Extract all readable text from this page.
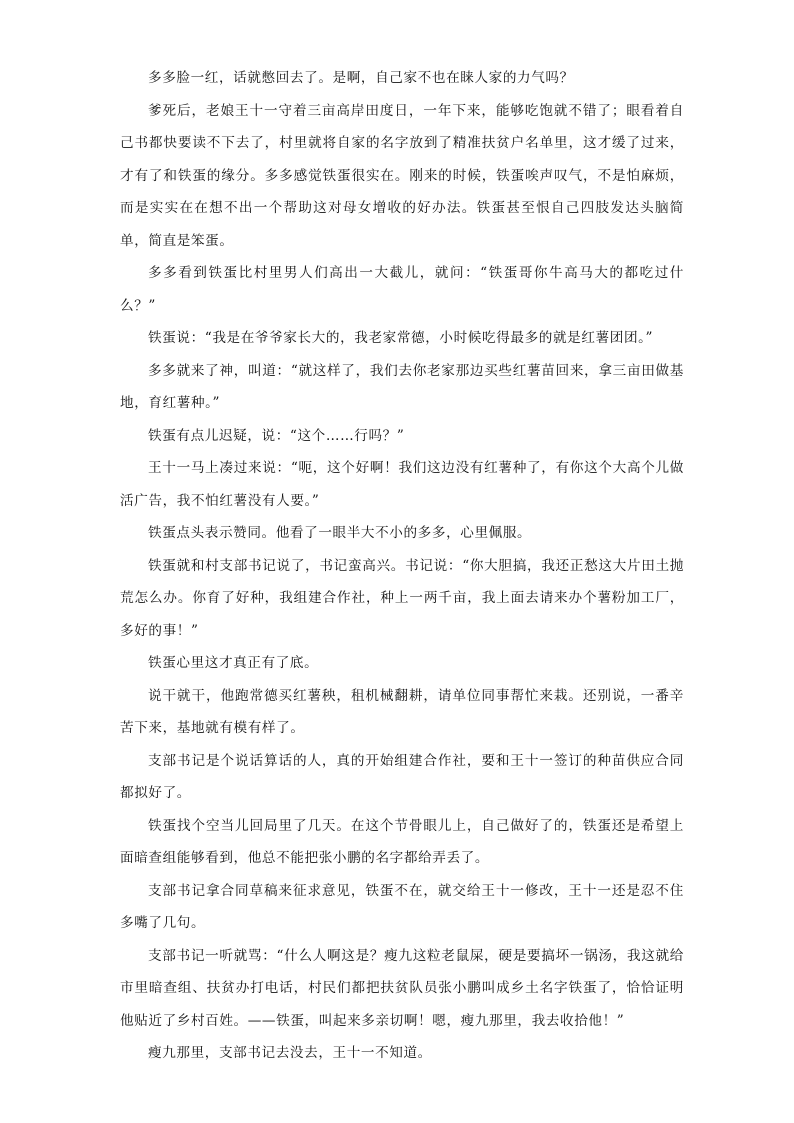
多多脸一红，话就憋回去了。是啊，自己家不也在睐人家的力气吗？

爹死后，老娘王十一守着三亩高岸田度日，一年下来，能够吃饱就不错了；眼看着自己书都快要读不下去了，村里就将自家的名字放到了精准扶贫户名单里，这才缓了过来，才有了和铁蛋的缘分。多多感觉铁蛋很实在。刚来的时候，铁蛋唉声叹气，不是怕麻烦，而是实实在在想不出一个帮助这对母女增收的好办法。铁蛋甚至恨自己四肢发达头脑简单，简直是笨蛋。

多多看到铁蛋比村里男人们高出一大截儿，就问：“铁蛋哥你牛高马大的都吃过什么？”

铁蛋说：“我是在爷爷家长大的，我老家常德，小时候吃得最多的就是红薯团团。”

多多就来了神，叫道：“就这样了，我们去你老家那边买些红薯苗回来，拿三亩田做基地，育红薯种。”

铁蛋有点儿迟疑，说：“这个……行吗？”

王十一马上凑过来说：“呃，这个好啊！我们这边没有红薯种了，有你这个大高个儿做活广告，我不怕红薯没有人要。”

铁蛋点头表示赞同。他看了一眼半大不小的多多，心里佩服。

铁蛋就和村支部书记说了，书记蛮高兴。书记说：“你大胆搞，我还正愁这大片田土抛荒怎么办。你育了好种，我组建合作社，种上一两千亩，我上面去请来办个薯粉加工厂，多好的事！”

铁蛋心里这才真正有了底。

说干就干，他跑常德买红薯秧，租机械翻耕，请单位同事帮忙来栽。还别说，一番辛苦下来，基地就有模有样了。

支部书记是个说话算话的人，真的开始组建合作社，要和王十一签订的种苗供应合同都拟好了。

铁蛋找个空当儿回局里了几天。在这个节骨眼儿上，自己做好了的，铁蛋还是希望上面暗查组能够看到，他总不能把张小鹏的名字都给弄丢了。

支部书记拿合同草稿来征求意见，铁蛋不在，就交给王十一修改，王十一还是忍不住多嘴了几句。

支部书记一听就骂：“什么人啊这是？瘦九这粒老鼠屎，硬是要搞坏一锅汤，我这就给市里暗查组、扶贫办打电话，村民们都把扶贫队员张小鹏叫成乡土名字铁蛋了，恰恰证明他贴近了乡村百姓。——铁蛋，叫起来多亲切啊！嗯，瘦九那里，我去收拾他！”

瘦九那里，支部书记去没去，王十一不知道。
